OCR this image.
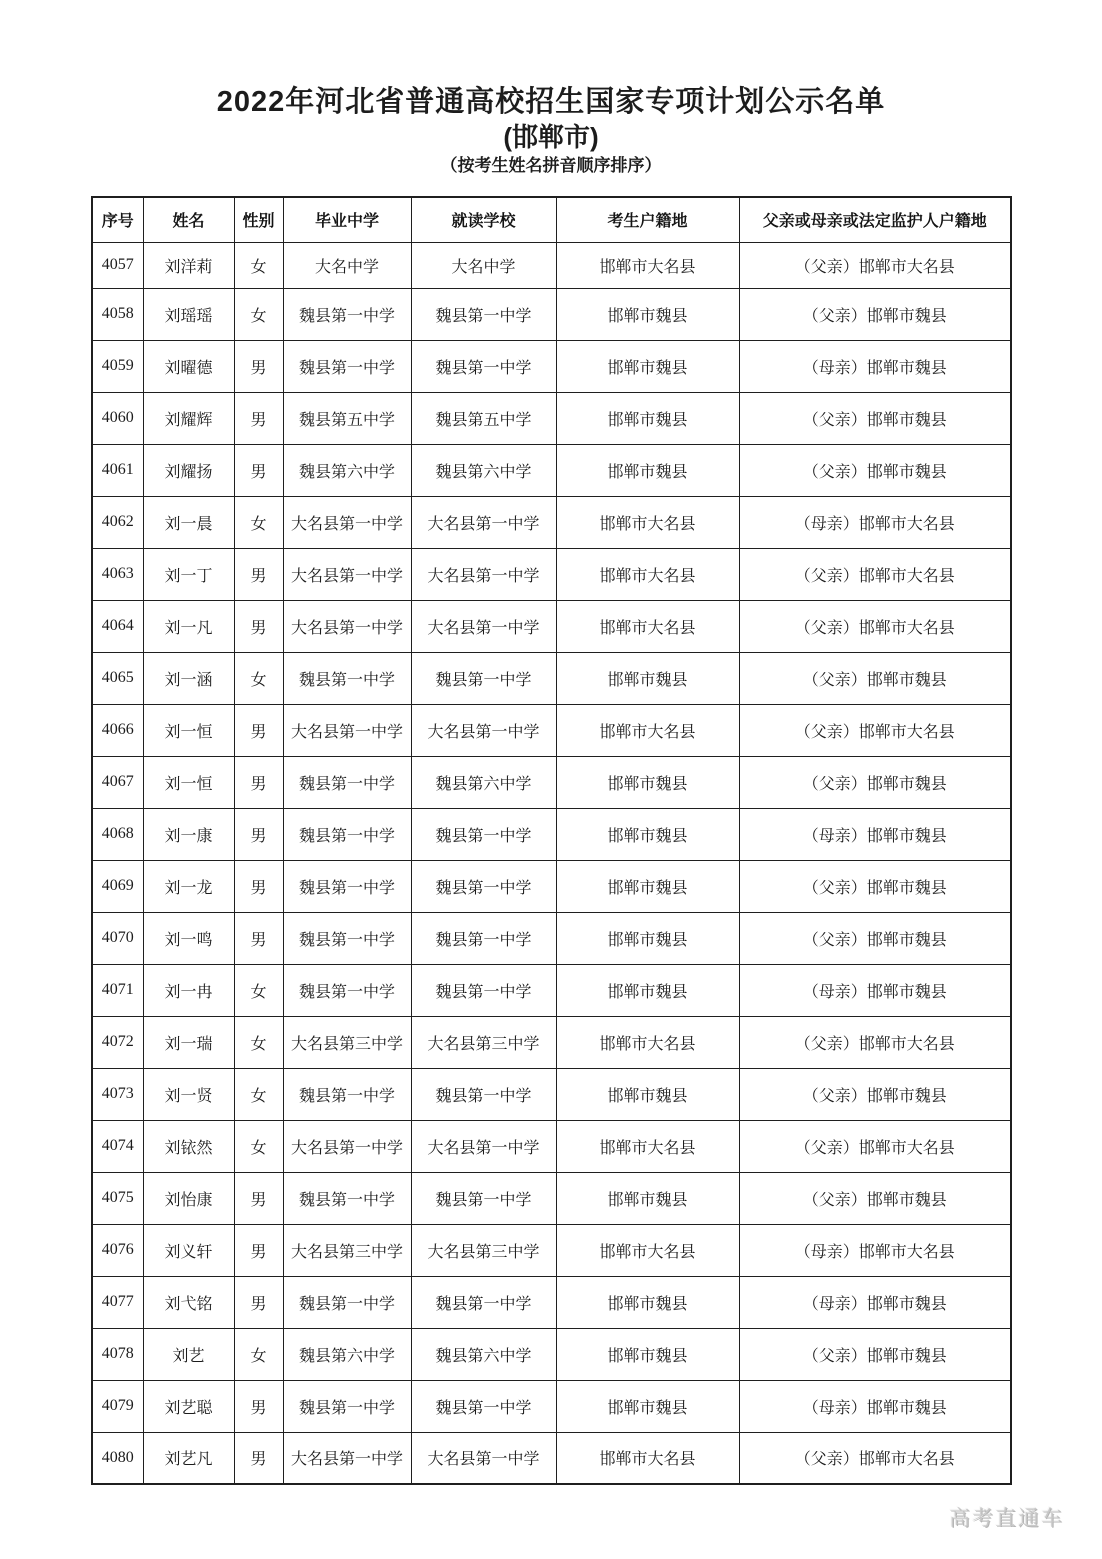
2022年河北省普通高校招生国家专项计划公示名单
(邯郸市)
（按考生姓名拼音顺序排序）
序号	姓名	性别	毕业中学	就读学校	考生户籍地	父亲或母亲或法定监护人户籍地
4057	刘洋莉	女	大名中学	大名中学	邯郸市大名县	（父亲）邯郸市大名县
4058	刘瑶瑶	女	魏县第一中学	魏县第一中学	邯郸市魏县	（父亲）邯郸市魏县
4059	刘曜德	男	魏县第一中学	魏县第一中学	邯郸市魏县	（母亲）邯郸市魏县
4060	刘耀辉	男	魏县第五中学	魏县第五中学	邯郸市魏县	（父亲）邯郸市魏县
4061	刘耀扬	男	魏县第六中学	魏县第六中学	邯郸市魏县	（父亲）邯郸市魏县
4062	刘一晨	女	大名县第一中学	大名县第一中学	邯郸市大名县	（母亲）邯郸市大名县
4063	刘一丁	男	大名县第一中学	大名县第一中学	邯郸市大名县	（父亲）邯郸市大名县
4064	刘一凡	男	大名县第一中学	大名县第一中学	邯郸市大名县	（父亲）邯郸市大名县
4065	刘一涵	女	魏县第一中学	魏县第一中学	邯郸市魏县	（父亲）邯郸市魏县
4066	刘一恒	男	大名县第一中学	大名县第一中学	邯郸市大名县	（父亲）邯郸市大名县
4067	刘一恒	男	魏县第一中学	魏县第六中学	邯郸市魏县	（父亲）邯郸市魏县
4068	刘一康	男	魏县第一中学	魏县第一中学	邯郸市魏县	（母亲）邯郸市魏县
4069	刘一龙	男	魏县第一中学	魏县第一中学	邯郸市魏县	（父亲）邯郸市魏县
4070	刘一鸣	男	魏县第一中学	魏县第一中学	邯郸市魏县	（父亲）邯郸市魏县
4071	刘一冉	女	魏县第一中学	魏县第一中学	邯郸市魏县	（母亲）邯郸市魏县
4072	刘一瑞	女	大名县第三中学	大名县第三中学	邯郸市大名县	（父亲）邯郸市大名县
4073	刘一贤	女	魏县第一中学	魏县第一中学	邯郸市魏县	（父亲）邯郸市魏县
4074	刘铱然	女	大名县第一中学	大名县第一中学	邯郸市大名县	（父亲）邯郸市大名县
4075	刘怡康	男	魏县第一中学	魏县第一中学	邯郸市魏县	（父亲）邯郸市魏县
4076	刘义轩	男	大名县第三中学	大名县第三中学	邯郸市大名县	（母亲）邯郸市大名县
4077	刘弋铭	男	魏县第一中学	魏县第一中学	邯郸市魏县	（母亲）邯郸市魏县
4078	刘艺	女	魏县第六中学	魏县第六中学	邯郸市魏县	（父亲）邯郸市魏县
4079	刘艺聪	男	魏县第一中学	魏县第一中学	邯郸市魏县	（母亲）邯郸市魏县
4080	刘艺凡	男	大名县第一中学	大名县第一中学	邯郸市大名县	（父亲）邯郸市大名县
高考直通车
